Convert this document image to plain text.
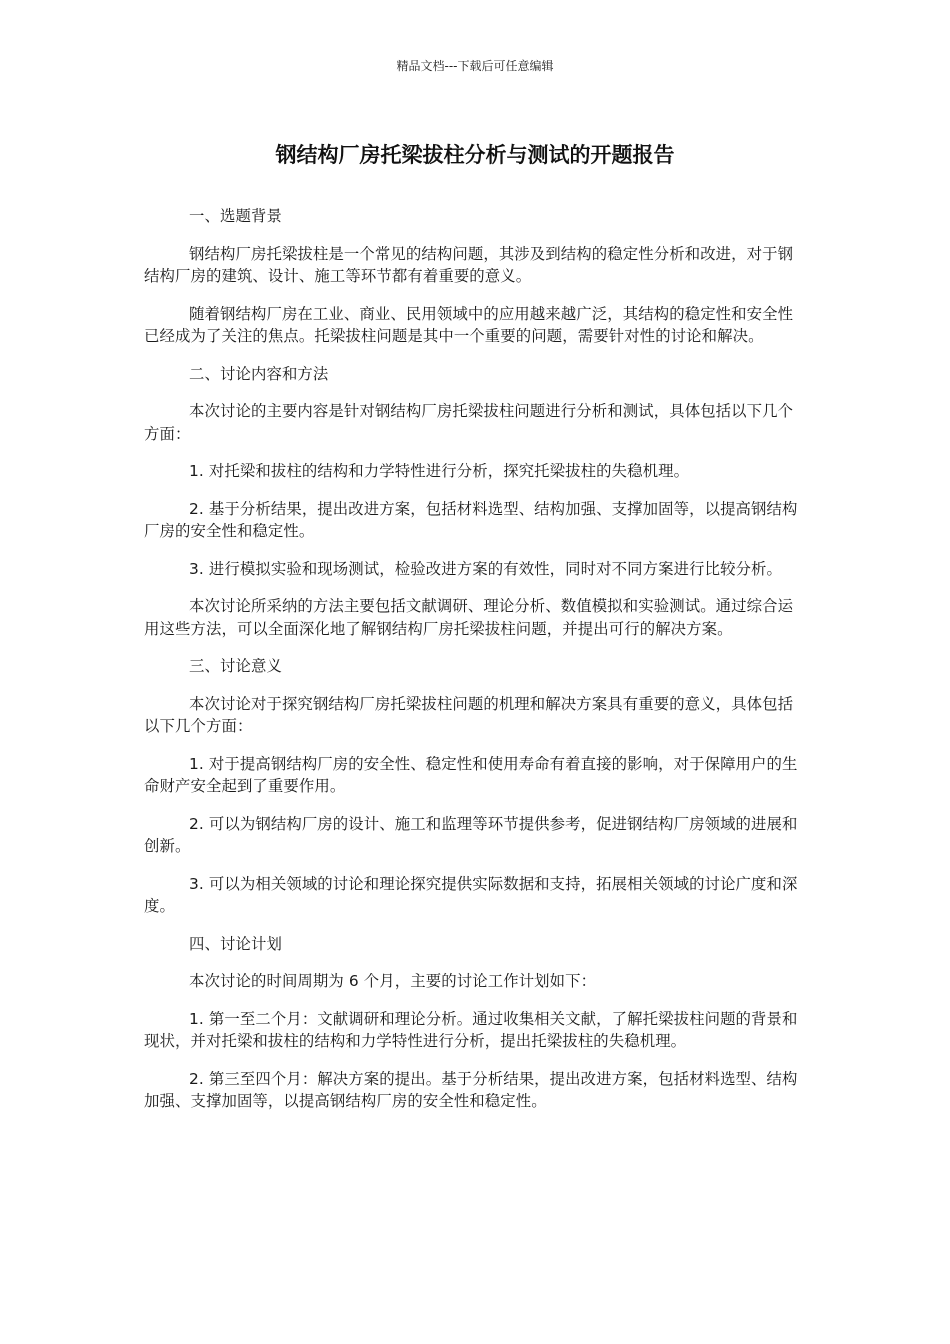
精品文档---下载后可任意编辑
钢结构厂房托梁拔柱分析与测试的开题报告

一、选题背景

钢结构厂房托梁拔柱是一个常见的结构问题，其涉及到结构的稳定性分析和改进，对于钢结构厂房的建筑、设计、施工等环节都有着重要的意义。

随着钢结构厂房在工业、商业、民用领域中的应用越来越广泛，其结构的稳定性和安全性已经成为了关注的焦点。托梁拔柱问题是其中一个重要的问题，需要针对性的讨论和解决。

二、讨论内容和方法

本次讨论的主要内容是针对钢结构厂房托梁拔柱问题进行分析和测试，具体包括以下几个方面：

1. 对托梁和拔柱的结构和力学特性进行分析，探究托梁拔柱的失稳机理。

2. 基于分析结果，提出改进方案，包括材料选型、结构加强、支撑加固等，以提高钢结构厂房的安全性和稳定性。

3. 进行模拟实验和现场测试，检验改进方案的有效性，同时对不同方案进行比较分析。

本次讨论所采纳的方法主要包括文献调研、理论分析、数值模拟和实验测试。通过综合运用这些方法，可以全面深化地了解钢结构厂房托梁拔柱问题，并提出可行的解决方案。

三、讨论意义

本次讨论对于探究钢结构厂房托梁拔柱问题的机理和解决方案具有重要的意义，具体包括以下几个方面：

1. 对于提高钢结构厂房的安全性、稳定性和使用寿命有着直接的影响，对于保障用户的生命财产安全起到了重要作用。

2. 可以为钢结构厂房的设计、施工和监理等环节提供参考，促进钢结构厂房领域的进展和创新。

3. 可以为相关领域的讨论和理论探究提供实际数据和支持，拓展相关领域的讨论广度和深度。

四、讨论计划

本次讨论的时间周期为 6 个月，主要的讨论工作计划如下：

1. 第一至二个月：文献调研和理论分析。通过收集相关文献，了解托梁拔柱问题的背景和现状，并对托梁和拔柱的结构和力学特性进行分析，提出托梁拔柱的失稳机理。

2. 第三至四个月：解决方案的提出。基于分析结果，提出改进方案，包括材料选型、结构加强、支撑加固等，以提高钢结构厂房的安全性和稳定性。
